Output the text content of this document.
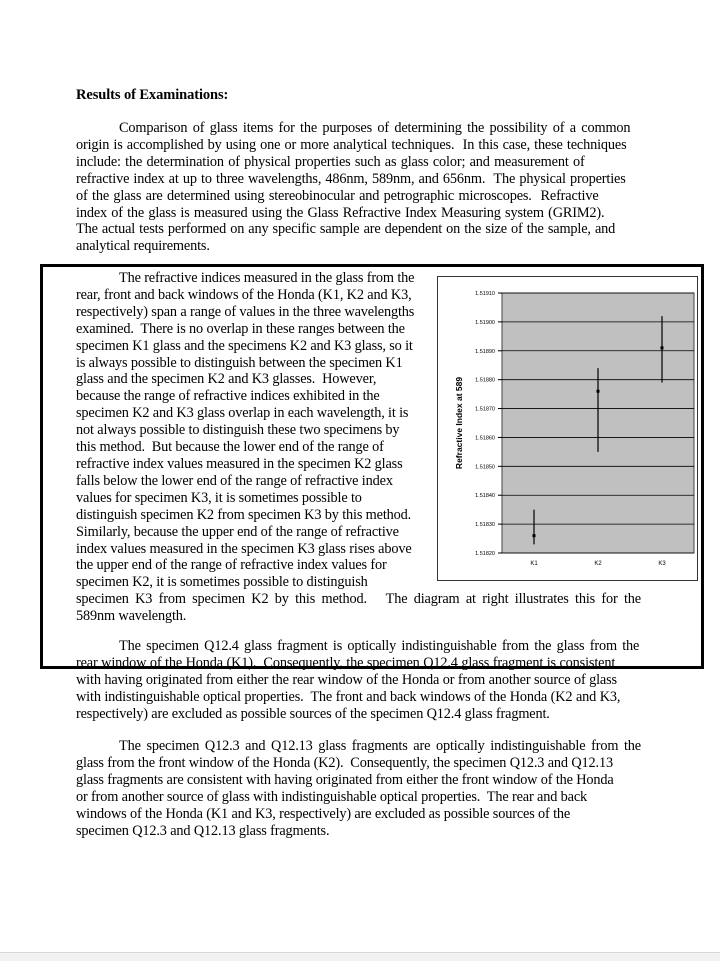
Results of Examinations:

Comparison of glass items for the purposes of determining the possibility of a common
origin is accomplished by using one or more analytical techniques.  In this case, these techniques
include: the determination of physical properties such as glass color; and measurement of
refractive index at up to three wavelengths, 486nm, 589nm, and 656nm.  The physical properties
of the glass are determined using stereobinocular and petrographic microscopes.  Refractive
index of the glass is measured using the Glass Refractive Index Measuring system (GRIM2).
The actual tests performed on any specific sample are dependent on the size of the sample, and
analytical requirements.

The refractive indices measured in the glass from the
rear, front and back windows of the Honda (K1, K2 and K3,
respectively) span a range of values in the three wavelengths
examined.  There is no overlap in these ranges between the
specimen K1 glass and the specimens K2 and K3 glass, so it
is always possible to distinguish between the specimen K1
glass and the specimen K2 and K3 glasses.  However,
because the range of refractive indices exhibited in the
specimen K2 and K3 glass overlap in each wavelength, it is
not always possible to distinguish these two specimens by
this method.  But because the lower end of the range of
refractive index values measured in the specimen K2 glass
falls below the lower end of the range of refractive index
values for specimen K3, it is sometimes possible to
distinguish specimen K2 from specimen K3 by this method.
Similarly, because the upper end of the range of refractive
index values measured in the specimen K3 glass rises above
the upper end of the range of refractive index values for
specimen K2, it is sometimes possible to distinguish
specimen K3 from specimen K2 by this method.   The diagram at right illustrates this for the
589nm wavelength.

1.51820
1.51830
1.51840
1.51850
1.51860
1.51870
1.51880
1.51890
1.51900
1.51910
K1	K2	K3
Refractive Index at 589

The specimen Q12.4 glass fragment is optically indistinguishable from the glass from the
rear window of the Honda (K1).  Consequently, the specimen Q12.4 glass fragment is consistent
with having originated from either the rear window of the Honda or from another source of glass
with indistinguishable optical properties.  The front and back windows of the Honda (K2 and K3,
respectively) are excluded as possible sources of the specimen Q12.4 glass fragment.

The specimen Q12.3 and Q12.13 glass fragments are optically indistinguishable from the
glass from the front window of the Honda (K2).  Consequently, the specimen Q12.3 and Q12.13
glass fragments are consistent with having originated from either the front window of the Honda
or from another source of glass with indistinguishable optical properties.  The rear and back
windows of the Honda (K1 and K3, respectively) are excluded as possible sources of the
specimen Q12.3 and Q12.13 glass fragments.
